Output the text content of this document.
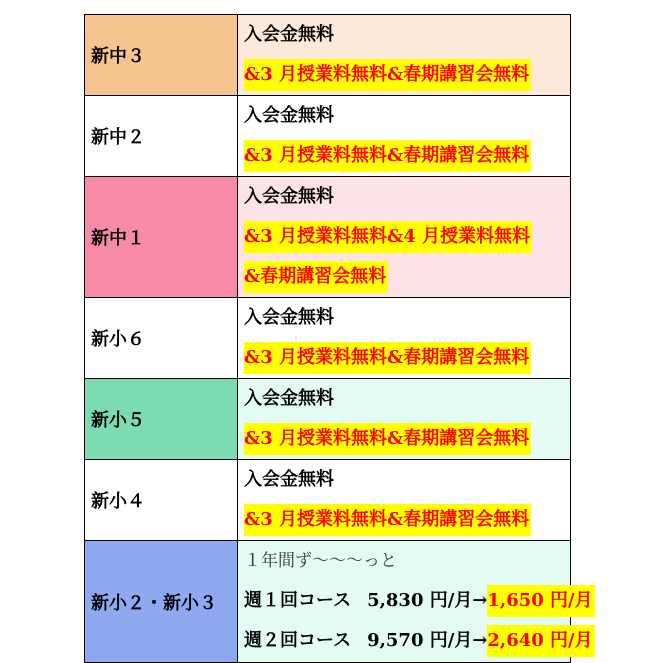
新中３	入会金無料
&3 月授業料無料&春期講習会無料

新中２	入会金無料
&3 月授業料無料&春期講習会無料

新中１	入会金無料
&3 月授業料無料&4 月授業料無料
&春期講習会無料

新小６	入会金無料
&3 月授業料無料&春期講習会無料

新小５	入会金無料
&3 月授業料無料&春期講習会無料

新小４	入会金無料
&3 月授業料無料&春期講習会無料

新小２・新小３	１年間ず～～～っと
週１回コース 5,830 円/月→1,650 円/月
週２回コース 9,570 円/月→2,640 円/月
